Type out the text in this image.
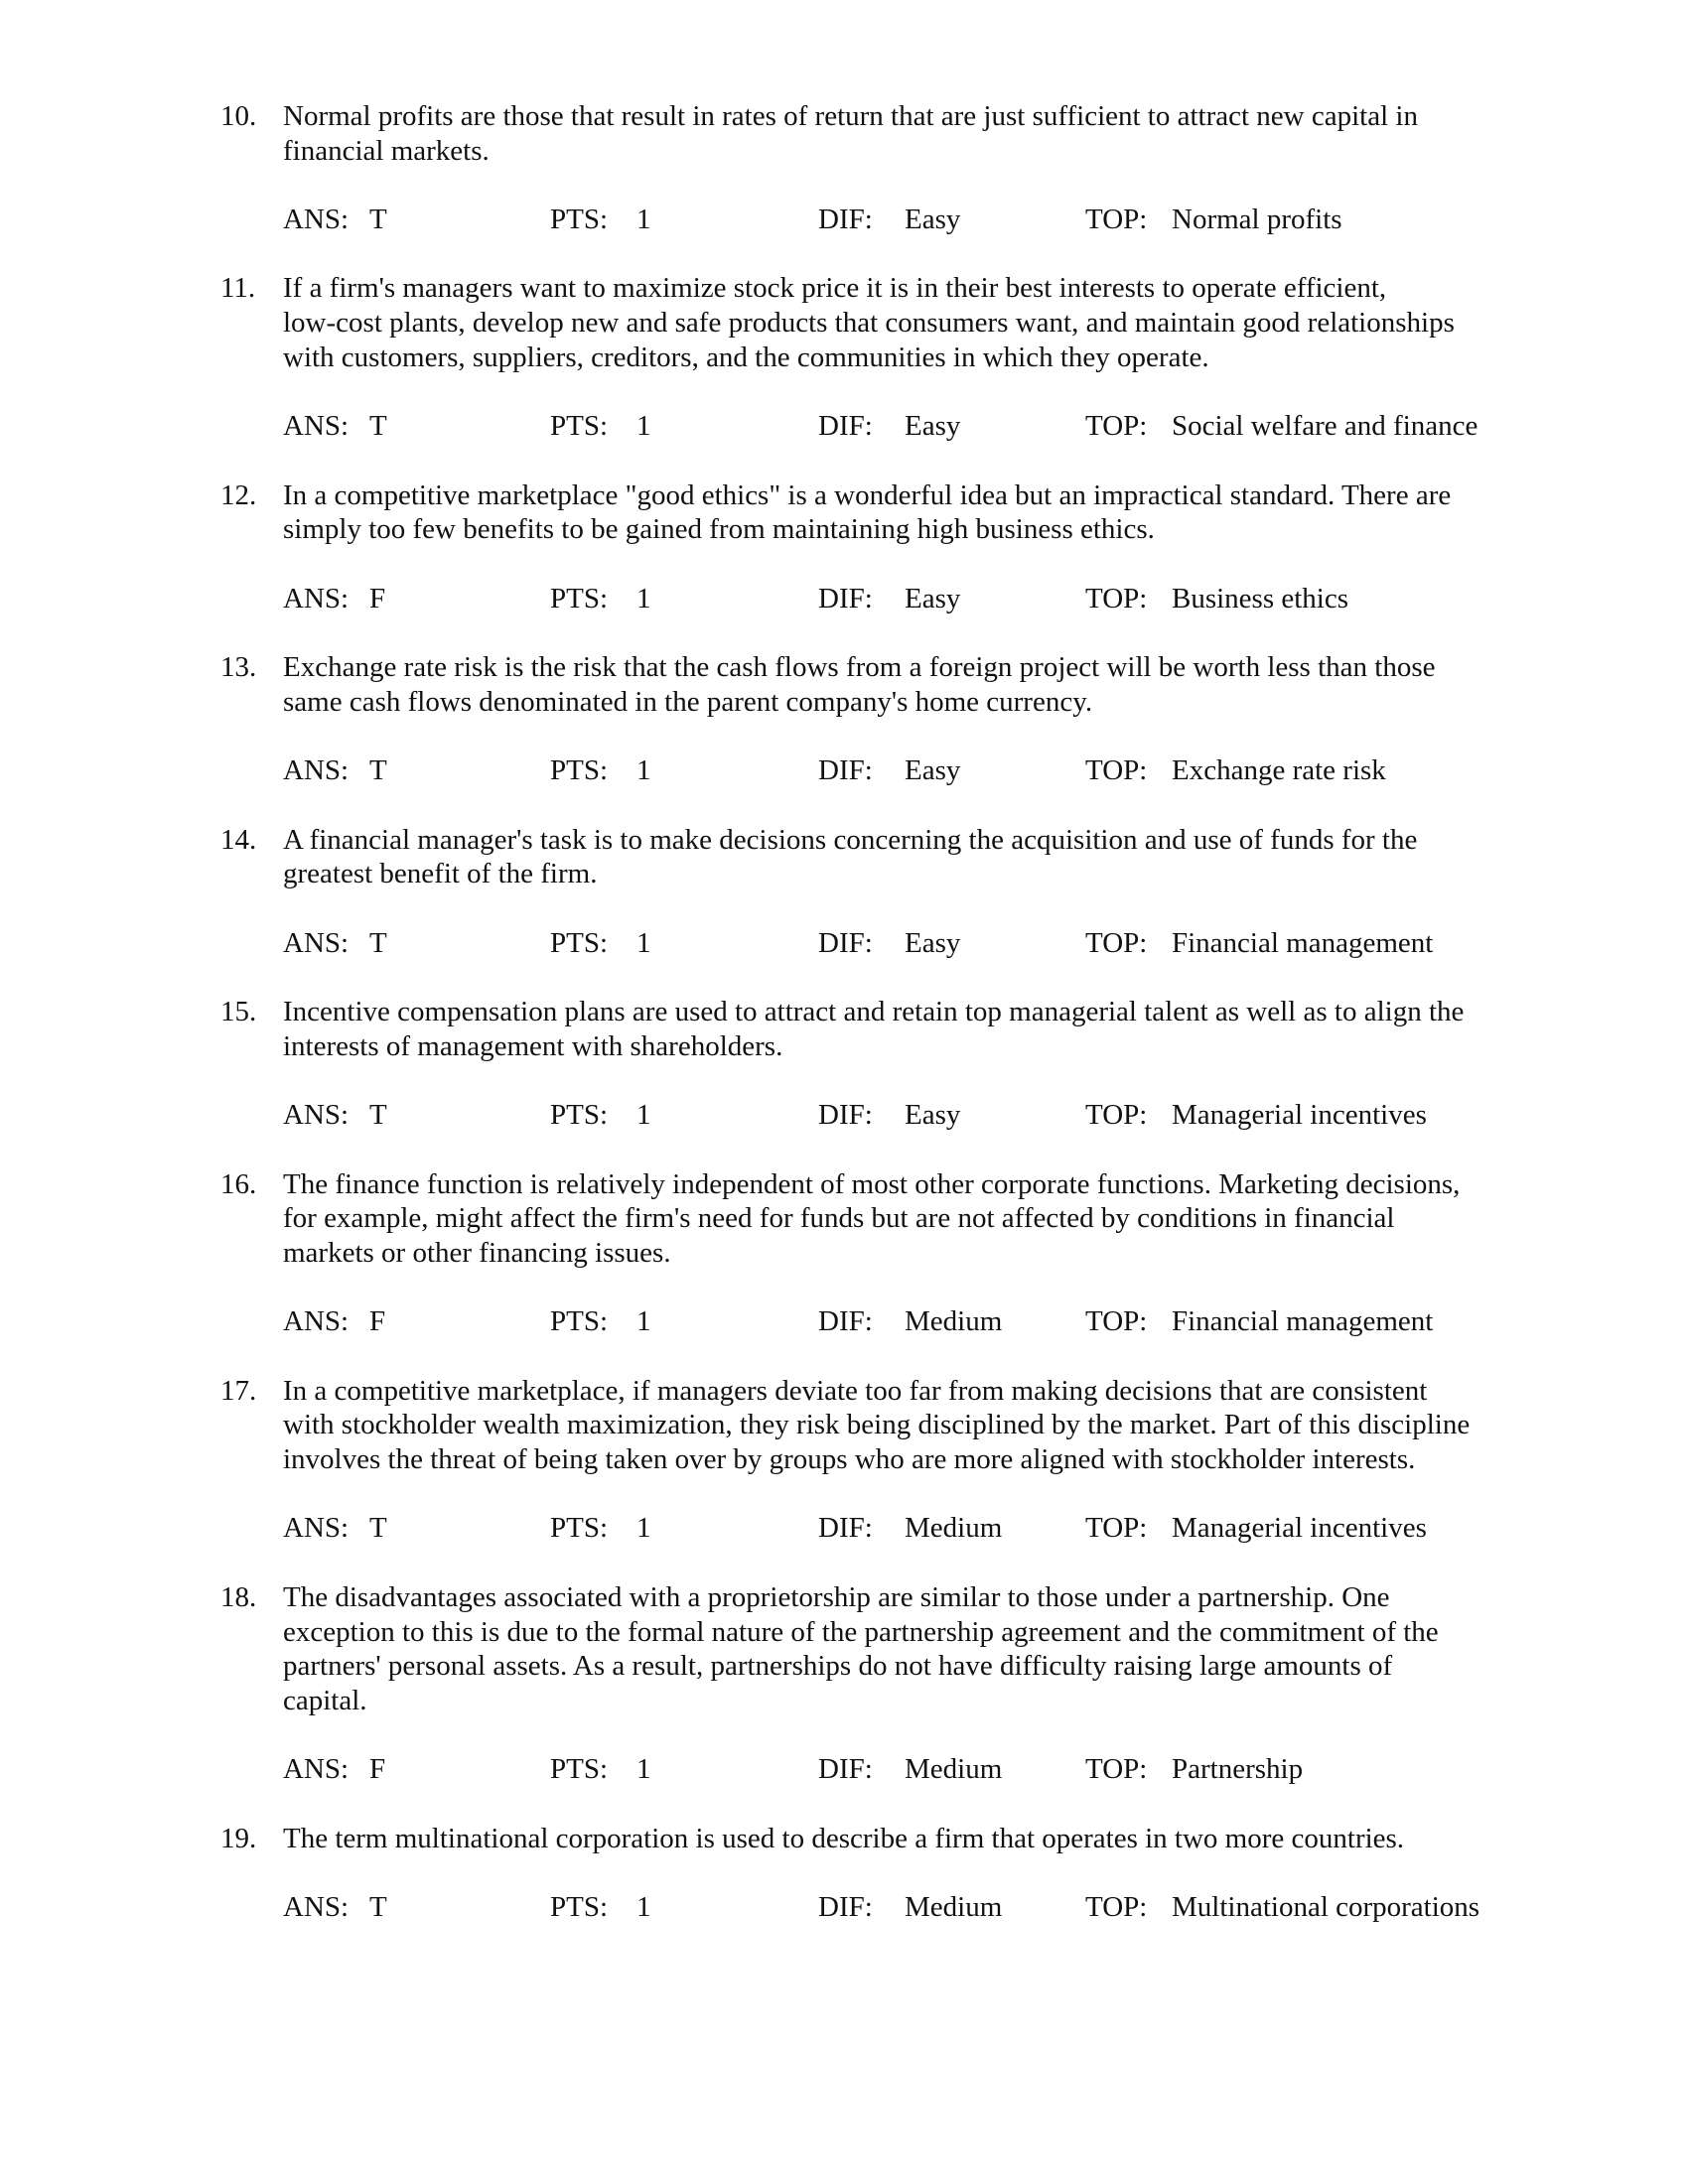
10. Normal profits are those that result in rates of return that are just sufficient to attract new capital in
financial markets.
ANS: T	PTS: 1	DIF: Easy	TOP: Normal profits
11. If a firm's managers want to maximize stock price it is in their best interests to operate efficient,
low-cost plants, develop new and safe products that consumers want, and maintain good relationships
with customers, suppliers, creditors, and the communities in which they operate.
ANS: T	PTS: 1	DIF: Easy	TOP: Social welfare and finance
12. In a competitive marketplace "good ethics" is a wonderful idea but an impractical standard. There are
simply too few benefits to be gained from maintaining high business ethics.
ANS: F	PTS: 1	DIF: Easy	TOP: Business ethics
13. Exchange rate risk is the risk that the cash flows from a foreign project will be worth less than those
same cash flows denominated in the parent company's home currency.
ANS: T	PTS: 1	DIF: Easy	TOP: Exchange rate risk
14. A financial manager's task is to make decisions concerning the acquisition and use of funds for the
greatest benefit of the firm.
ANS: T	PTS: 1	DIF: Easy	TOP: Financial management
15. Incentive compensation plans are used to attract and retain top managerial talent as well as to align the
interests of management with shareholders.
ANS: T	PTS: 1	DIF: Easy	TOP: Managerial incentives
16. The finance function is relatively independent of most other corporate functions. Marketing decisions,
for example, might affect the firm's need for funds but are not affected by conditions in financial
markets or other financing issues.
ANS: F	PTS: 1	DIF: Medium	TOP: Financial management
17. In a competitive marketplace, if managers deviate too far from making decisions that are consistent
with stockholder wealth maximization, they risk being disciplined by the market. Part of this discipline
involves the threat of being taken over by groups who are more aligned with stockholder interests.
ANS: T	PTS: 1	DIF: Medium	TOP: Managerial incentives
18. The disadvantages associated with a proprietorship are similar to those under a partnership. One
exception to this is due to the formal nature of the partnership agreement and the commitment of the
partners' personal assets. As a result, partnerships do not have difficulty raising large amounts of
capital.
ANS: F	PTS: 1	DIF: Medium	TOP: Partnership
19. The term multinational corporation is used to describe a firm that operates in two more countries.
ANS: T	PTS: 1	DIF: Medium	TOP: Multinational corporations
